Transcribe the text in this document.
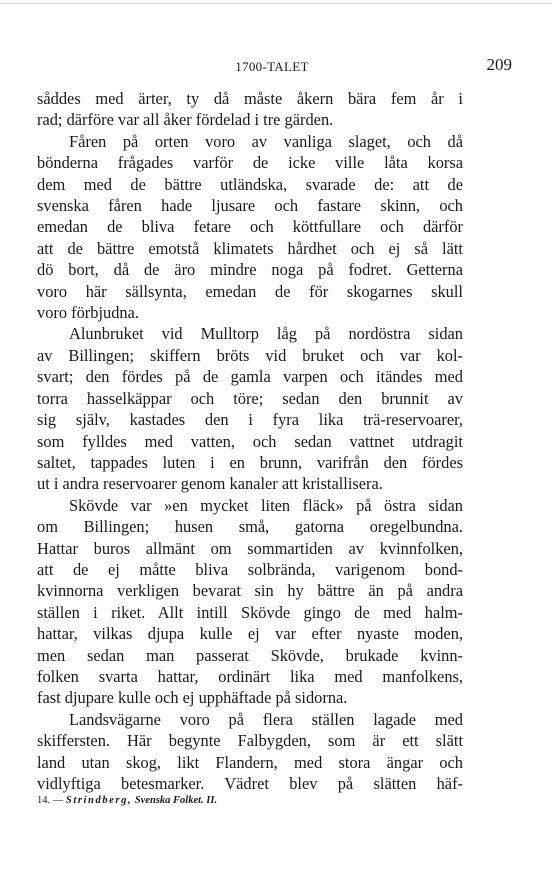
1700-TALET	209
såddes med ärter, ty då måste åkern bära fem år i
rad; därföre var all åker fördelad i tre gärden.
Fåren på orten voro av vanliga slaget, och då
bönderna frågades varför de icke ville låta korsa
dem med de bättre utländska, svarade de: att de
svenska fåren hade ljusare och fastare skinn, och
emedan de bliva fetare och köttfullare och därför
att de bättre emotstå klimatets hårdhet och ej så lätt
dö bort, då de äro mindre noga på fodret. Getterna
voro här sällsynta, emedan de för skogarnes skull
voro förbjudna.
Alunbruket vid Mulltorp låg på nordöstra sidan
av Billingen; skiffern bröts vid bruket och var kol-
svart; den fördes på de gamla varpen och itändes med
torra hasselkäppar och töre; sedan den brunnit av
sig själv, kastades den i fyra lika trä-reservoarer,
som fylldes med vatten, och sedan vattnet utdragit
saltet, tappades luten i en brunn, varifrån den fördes
ut i andra reservoarer genom kanaler att kristallisera.
Skövde var »en mycket liten fläck» på östra sidan
om Billingen; husen små, gatorna oregelbundna.
Hattar buros allmänt om sommartiden av kvinnfolken,
att de ej måtte bliva solbrända, varigenom bond-
kvinnorna verkligen bevarat sin hy bättre än på andra
ställen i riket. Allt intill Skövde gingo de med halm-
hattar, vilkas djupa kulle ej var efter nyaste moden,
men sedan man passerat Skövde, brukade kvinn-
folken svarta hattar, ordinärt lika med manfolkens,
fast djupare kulle och ej upphäftade på sidorna.
Landsvägarne voro på flera ställen lagade med
skiffersten. Här begynte Falbygden, som är ett slätt
land utan skog, likt Flandern, med stora ängar och
vidlyftiga betesmarker. Vädret blev på slätten häf-
14. — Strindberg, Svenska Folket. II.
